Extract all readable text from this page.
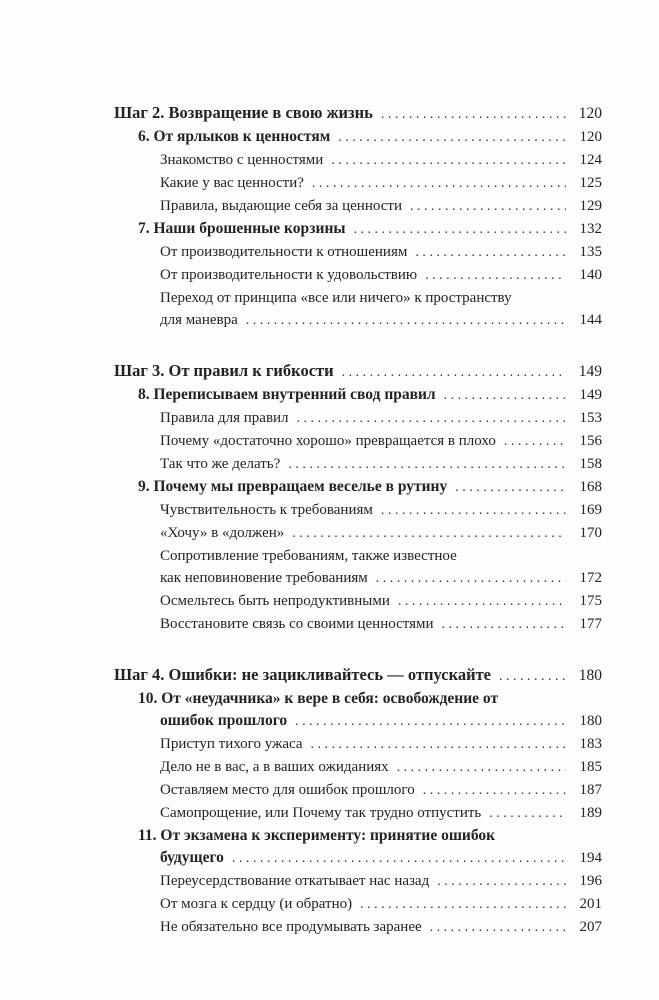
Шаг 2. Возвращение в свою жизнь .....	120
6. От ярлыков к ценностям .....	120
Знакомство с ценностями .....	124
Какие у вас ценности? .....	125
Правила, выдающие себя за ценности .....	129
7. Наши брошенные корзины .....	132
От производительности к отношениям .....	135
От производительности к удовольствию .....	140
Переход от принципа «все или ничего» к пространству
для маневра .....	144
Шаг 3. От правил к гибкости .....	149
8. Переписываем внутренний свод правил .....	149
Правила для правил .....	153
Почему «достаточно хорошо» превращается в плохо .....	156
Так что же делать? .....	158
9. Почему мы превращаем веселье в рутину .....	168
Чувствительность к требованиям .....	169
«Хочу» в «должен» .....	170
Сопротивление требованиям, также известное
как неповиновение требованиям .....	172
Осмельтесь быть непродуктивными .....	175
Восстановите связь со своими ценностями .....	177
Шаг 4. Ошибки: не зацикливайтесь — отпускайте .....	180
10. От «неудачника» к вере в себя: освобождение от
ошибок прошлого .....	180
Приступ тихого ужаса .....	183
Дело не в вас, а в ваших ожиданиях .....	185
Оставляем место для ошибок прошлого .....	187
Самопрощение, или Почему так трудно отпустить .....	189
11. От экзамена к эксперименту: принятие ошибок
будущего .....	194
Переусердствование откатывает нас назад .....	196
От мозга к сердцу (и обратно) .....	201
Не обязательно все продумывать заранее .....	207
